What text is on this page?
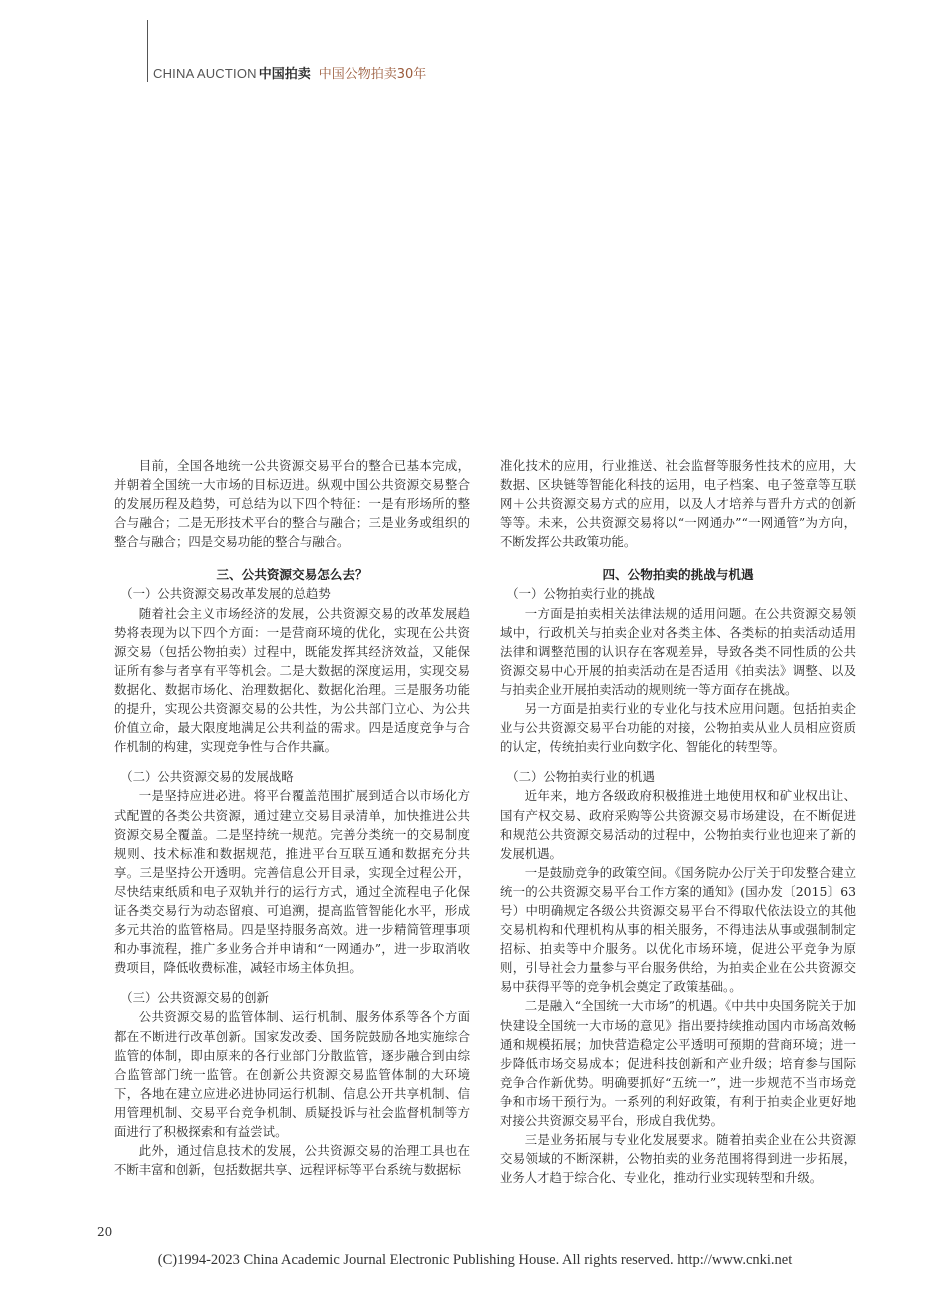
CHINA AUCTION 中国拍卖 中国公物拍卖30年

目前，全国各地统一公共资源交易平台的整合已基本完成，并朝着全国统一大市场的目标迈进。纵观中国公共资源交易整合的发展历程及趋势，可总结为以下四个特征：一是有形场所的整合与融合；二是无形技术平台的整合与融合；三是业务或组织的整合与融合；四是交易功能的整合与融合。

三、公共资源交易怎么去？
（一）公共资源交易改革发展的总趋势

随着社会主义市场经济的发展，公共资源交易的改革发展趋势将表现为以下四个方面：一是营商环境的优化，实现在公共资源交易（包括公物拍卖）过程中，既能发挥其经济效益，又能保证所有参与者享有平等机会。二是大数据的深度运用，实现交易数据化、数据市场化、治理数据化、数据化治理。三是服务功能的提升，实现公共资源交易的公共性，为公共部门立心、为公共价值立命，最大限度地满足公共利益的需求。四是适度竞争与合作机制的构建，实现竞争性与合作共赢。

（二）公共资源交易的发展战略

一是坚持应进必进。将平台覆盖范围扩展到适合以市场化方式配置的各类公共资源，通过建立交易目录清单，加快推进公共资源交易全覆盖。二是坚持统一规范。完善分类统一的交易制度规则、技术标准和数据规范，推进平台互联互通和数据充分共享。三是坚持公开透明。完善信息公开目录，实现全过程公开，尽快结束纸质和电子双轨并行的运行方式，通过全流程电子化保证各类交易行为动态留痕、可追溯，提高监管智能化水平，形成多元共治的监管格局。四是坚持服务高效。进一步精简管理事项和办事流程，推广多业务合并申请和“一网通办”，进一步取消收费项目，降低收费标准，减轻市场主体负担。

（三）公共资源交易的创新

公共资源交易的监管体制、运行机制、服务体系等各个方面都在不断进行改革创新。国家发改委、国务院鼓励各地实施综合监管的体制，即由原来的各行业部门分散监管，逐步融合到由综合监管部门统一监管。在创新公共资源交易监管体制的大环境下，各地在建立应进必进协同运行机制、信息公开共享机制、信用管理机制、交易平台竞争机制、质疑投诉与社会监督机制等方面进行了积极探索和有益尝试。

此外，通过信息技术的发展，公共资源交易的治理工具也在不断丰富和创新，包括数据共享、远程评标等平台系统与数据标

准化技术的应用，行业推送、社会监督等服务性技术的应用，大数据、区块链等智能化科技的运用，电子档案、电子签章等互联网＋公共资源交易方式的应用，以及人才培养与晋升方式的创新等等。未来，公共资源交易将以“一网通办”“一网通管”为方向，不断发挥公共政策功能。

四、公物拍卖的挑战与机遇
（一）公物拍卖行业的挑战

一方面是拍卖相关法律法规的适用问题。在公共资源交易领域中，行政机关与拍卖企业对各类主体、各类标的拍卖活动适用法律和调整范围的认识存在客观差异，导致各类不同性质的公共资源交易中心开展的拍卖活动在是否适用《拍卖法》调整、以及与拍卖企业开展拍卖活动的规则统一等方面存在挑战。

另一方面是拍卖行业的专业化与技术应用问题。包括拍卖企业与公共资源交易平台功能的对接，公物拍卖从业人员相应资质的认定，传统拍卖行业向数字化、智能化的转型等。

（二）公物拍卖行业的机遇

近年来，地方各级政府积极推进土地使用权和矿业权出让、国有产权交易、政府采购等公共资源交易市场建设，在不断促进和规范公共资源交易活动的过程中，公物拍卖行业也迎来了新的发展机遇。

一是鼓励竞争的政策空间。《国务院办公厅关于印发整合建立统一的公共资源交易平台工作方案的通知》(国办发〔2015〕63号）中明确规定各级公共资源交易平台不得取代依法设立的其他交易机构和代理机构从事的相关服务，不得违法从事或强制制定招标、拍卖等中介服务。以优化市场环境，促进公平竞争为原则，引导社会力量参与平台服务供给，为拍卖企业在公共资源交易中获得平等的竞争机会奠定了政策基础。。

二是融入“全国统一大市场”的机遇。《中共中央国务院关于加快建设全国统一大市场的意见》指出要持续推动国内市场高效畅通和规模拓展；加快营造稳定公平透明可预期的营商环境；进一步降低市场交易成本；促进科技创新和产业升级；培育参与国际竞争合作新优势。明确要抓好“五统一”，进一步规范不当市场竞争和市场干预行为。一系列的利好政策，有利于拍卖企业更好地对接公共资源交易平台，形成自我优势。

三是业务拓展与专业化发展要求。随着拍卖企业在公共资源交易领域的不断深耕，公物拍卖的业务范围将得到进一步拓展，业务人才趋于综合化、专业化，推动行业实现转型和升级。

20
(C)1994-2023 China Academic Journal Electronic Publishing House. All rights reserved. http://www.cnki.net
